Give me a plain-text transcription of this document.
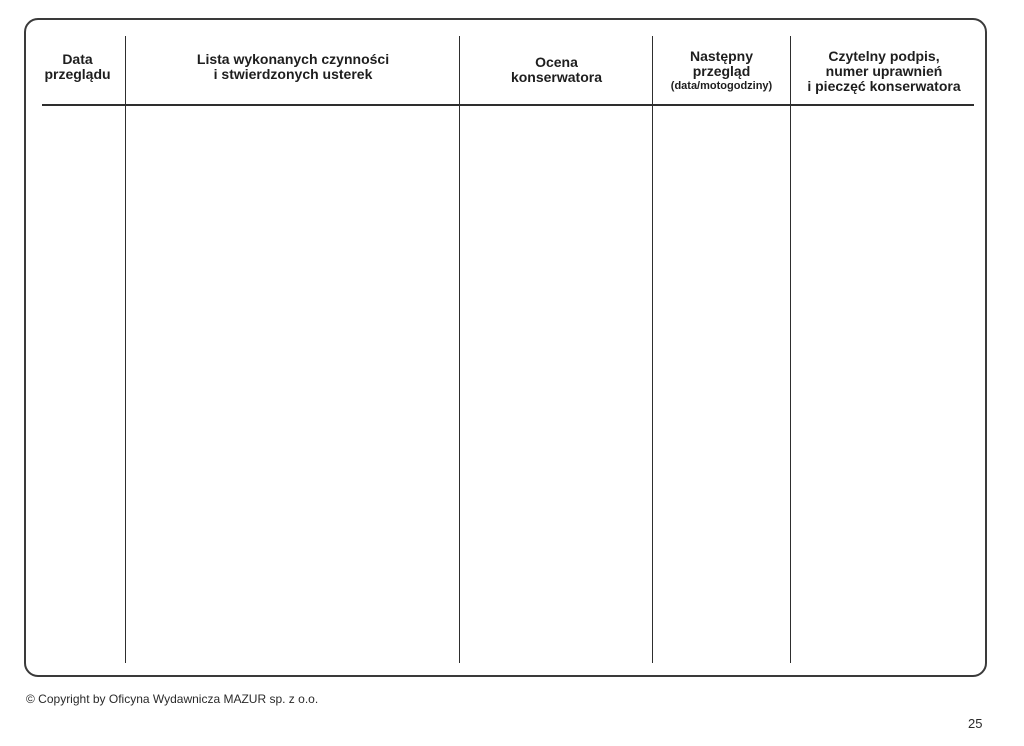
Data
przeglądu
Lista wykonanych czynności
i stwierdzonych usterek
Ocena
konserwatora
Następny
przegląd
(data/motogodziny)
Czytelny podpis,
numer uprawnień
i pieczęć konserwatora
© Copyright by Oficyna Wydawnicza MAZUR sp. z o.o.
25
